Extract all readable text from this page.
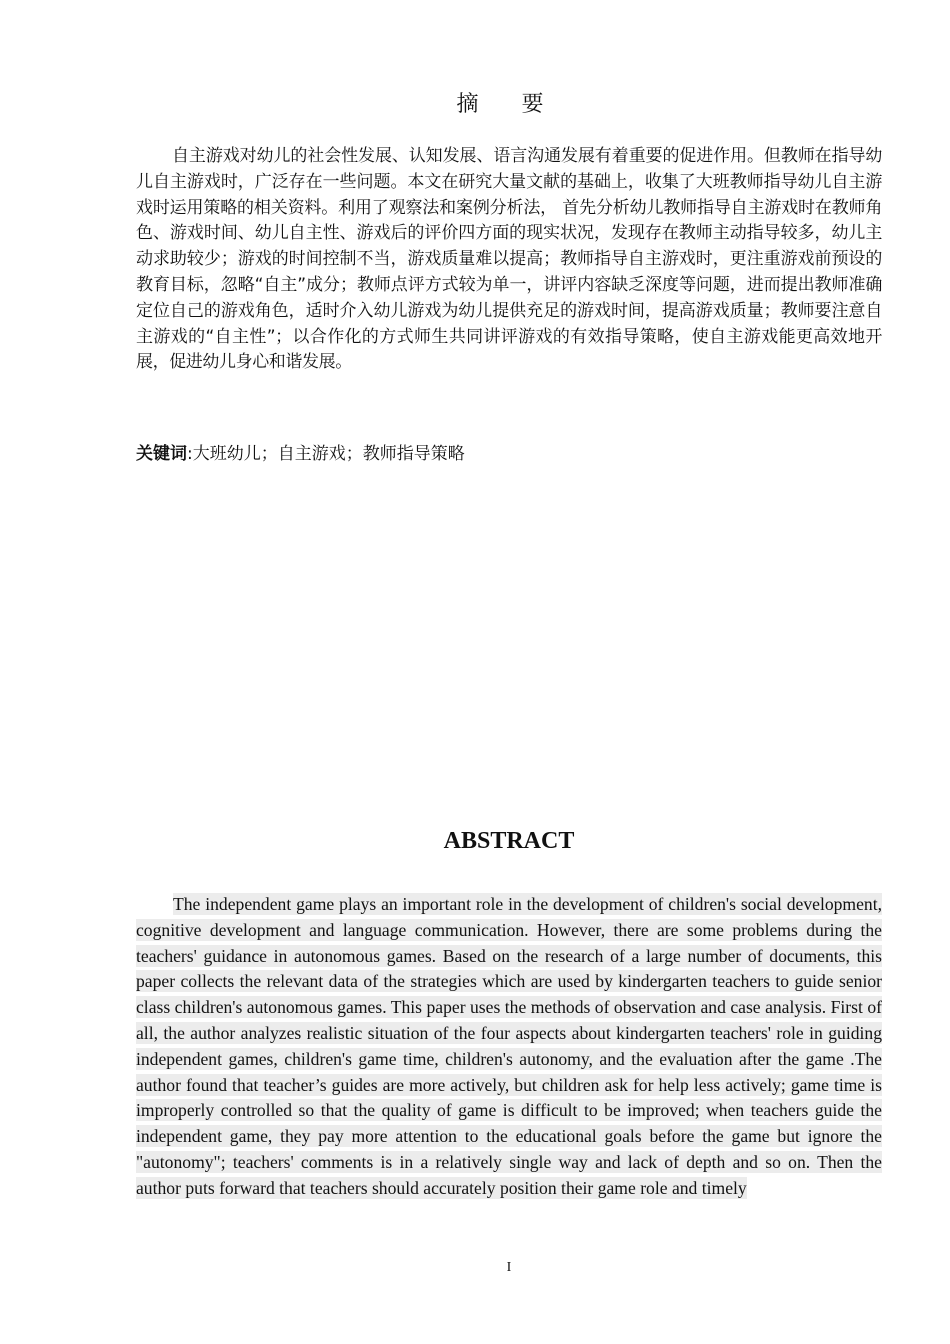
摘 要

自主游戏对幼儿的社会性发展、认知发展、语言沟通发展有着重要的促进作用。但教师在指导幼儿自主游戏时，广泛存在一些问题。本文在研究大量文献的基础上，收集了大班教师指导幼儿自主游戏时运用策略的相关资料。利用了观察法和案例分析法， 首先分析幼儿教师指导自主游戏时在教师角色、游戏时间、幼儿自主性、游戏后的评价四方面的现实状况，发现存在教师主动指导较多，幼儿主动求助较少；游戏的时间控制不当，游戏质量难以提高；教师指导自主游戏时，更注重游戏前预设的教育目标，忽略“自主”成分；教师点评方式较为单一，讲评内容缺乏深度等问题，进而提出教师准确定位自己的游戏角色，适时介入幼儿游戏为幼儿提供充足的游戏时间，提高游戏质量；教师要注意自主游戏的“自主性”；以合作化的方式师生共同讲评游戏的有效指导策略，使自主游戏能更高效地开展，促进幼儿身心和谐发展。

关键词:大班幼儿；自主游戏；教师指导策略
ABSTRACT

The independent game plays an important role in the development of children's social development, cognitive development and language communication. However, there are some problems during the teachers' guidance in autonomous games. Based on the research of a large number of documents, this paper collects the relevant data of the strategies which are used by kindergarten teachers to guide senior class children's autonomous games. This paper uses the methods of observation and case analysis. First of all, the author analyzes realistic situation of the four aspects about kindergarten teachers' role in guiding independent games, children's game time, children's autonomy, and the evaluation after the game .The author found that teacher’s guides are more actively, but children ask for help less actively; game time is improperly controlled so that the quality of game is difficult to be improved; when teachers guide the independent game, they pay more attention to the educational goals before the game but ignore the "autonomy"; teachers' comments is in a relatively single way and lack of depth and so on. Then the author puts forward that teachers should accurately position their game role and timely

I
